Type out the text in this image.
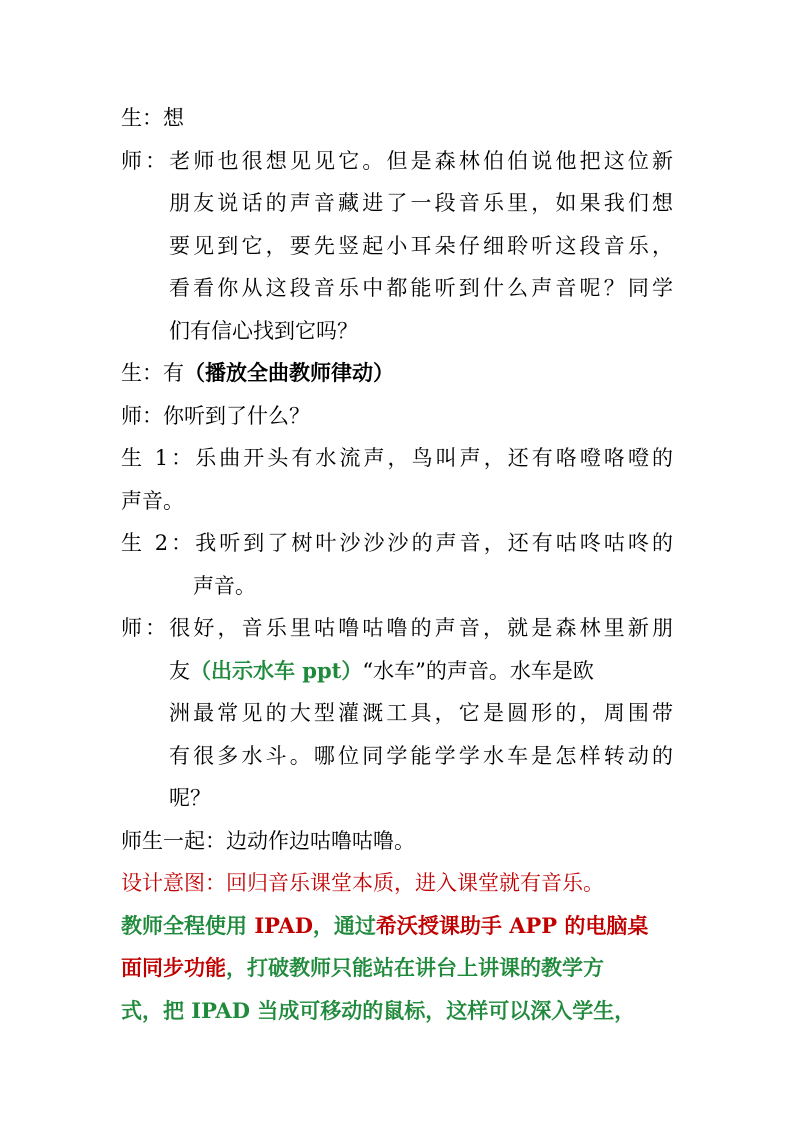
生：想
师：老师也很想见见它。但是森林伯伯说他把这位新
朋友说话的声音藏进了一段音乐里，如果我们想
要见到它，要先竖起小耳朵仔细聆听这段音乐，
看看你从这段音乐中都能听到什么声音呢？同学
们有信心找到它吗？
生：有（播放全曲教师律动）
师：你听到了什么？
生 1：乐曲开头有水流声，鸟叫声，还有咯噔咯噔的
声音。
生 2：我听到了树叶沙沙沙的声音，还有咕咚咕咚的
声音。
师：很好，音乐里咕噜咕噜的声音，就是森林里新朋
友（出示水车 ppt）“水车”的声音。水车是欧
洲最常见的大型灌溉工具，它是圆形的，周围带
有很多水斗。哪位同学能学学水车是怎样转动的
呢？
师生一起：边动作边咕噜咕噜。
设计意图：回归音乐课堂本质，进入课堂就有音乐。
教师全程使用 IPAD，通过希沃授课助手 APP 的电脑桌
面同步功能，打破教师只能站在讲台上讲课的教学方
式，把 IPAD 当成可移动的鼠标，这样可以深入学生，
